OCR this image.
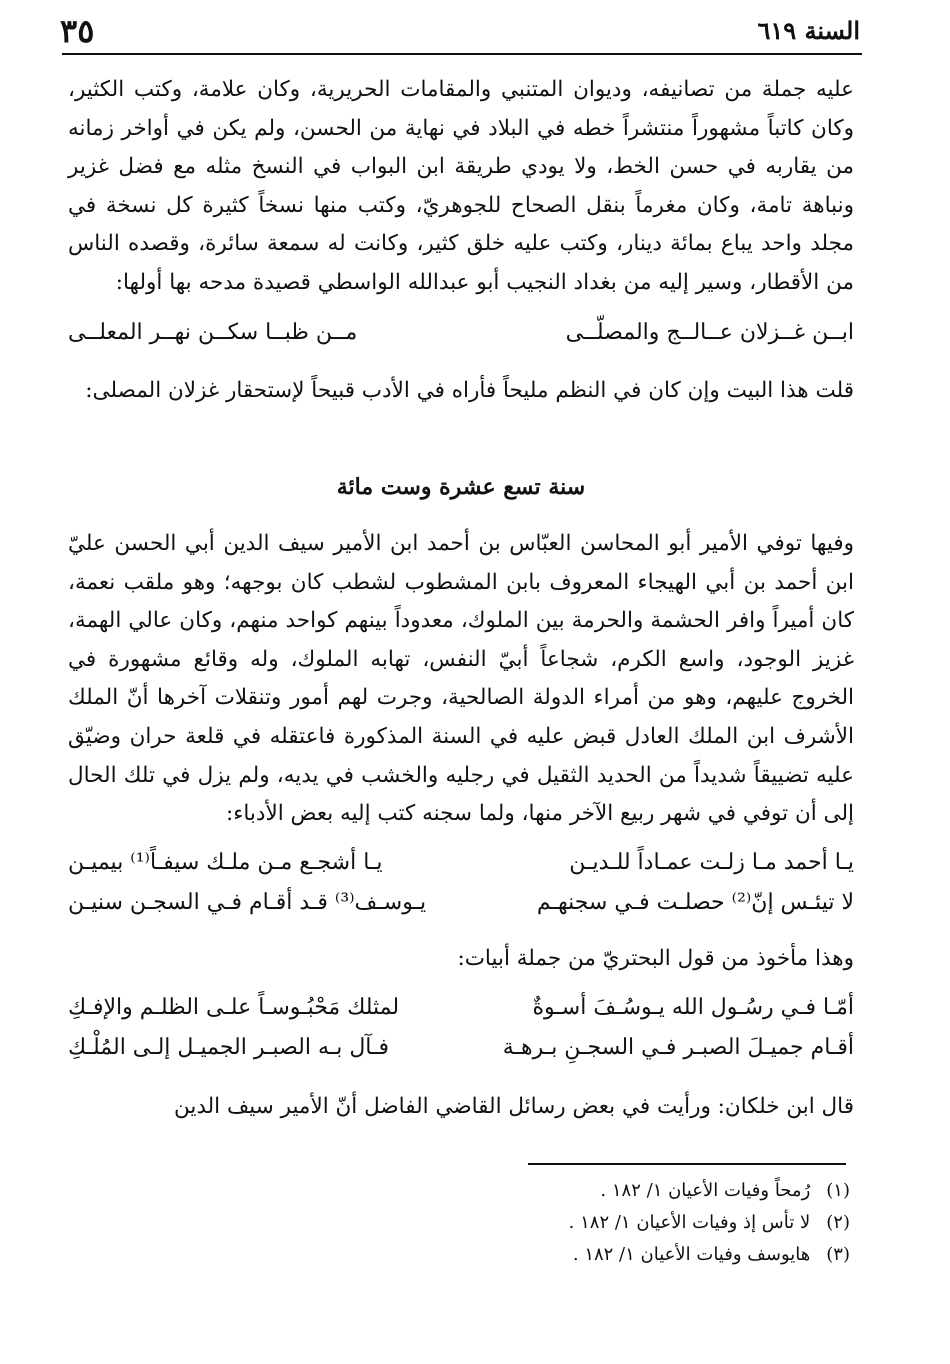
السنة ٦١٩
٣٥

عليه جملة من تصانيفه، وديوان المتنبي والمقامات الحريرية، وكان علامة، وكتب الكثير، وكان كاتباً مشهوراً منتشراً خطه في البلاد في نهاية من الحسن، ولم يكن في أواخر زمانه من يقاربه في حسن الخط، ولا يودي طريقة ابن البواب في النسخ مثله مع فضل غزير ونباهة تامة، وكان مغرماً بنقل الصحاح للجوهريّ، وكتب منها نسخاً كثيرة كل نسخة في مجلد واحد يباع بمائة دينار، وكتب عليه خلق كثير، وكانت له سمعة سائرة، وقصده الناس من الأقطار، وسير إليه من بغداد النجيب أبو عبدالله الواسطي قصيدة مدحه بها أولها:

ابــن غــزلان عــالــج والمصلّــى
مــن ظبــا سكــن نهــر المعلــى

قلت هذا البيت وإن كان في النظم مليحاً فأراه في الأدب قبيحاً لإستحقار غزلان المصلى:

سنة تسع عشرة وست مائة

وفيها توفي الأمير أبو المحاسن العبّاس بن أحمد ابن الأمير سيف الدين أبي الحسن عليّ ابن أحمد بن أبي الهيجاء المعروف بابن المشطوب لشطب كان بوجهه؛ وهو ملقب نعمة، كان أميراً وافر الحشمة والحرمة بين الملوك، معدوداً بينهم كواحد منهم، وكان عالي الهمة، غزيز الوجود، واسع الكرم، شجاعاً أبيّ النفس، تهابه الملوك، وله وقائع مشهورة في الخروج عليهم، وهو من أمراء الدولة الصالحية، وجرت لهم أمور وتنقلات آخرها أنّ الملك الأشرف ابن الملك العادل قبض عليه في السنة المذكورة فاعتقله في قلعة حران وضيّق عليه تضييقاً شديداً من الحديد الثقيل في رجليه والخشب في يديه، ولم يزل في تلك الحال إلى أن توفي في شهر ربيع الآخر منها، ولما سجنه كتب إليه بعض الأدباء:

يـا أحمد مـا زلـت عمـاداً للـديـن
يـا أشجـع مـن ملـك سيفـاً⁽¹⁾ بيميـن
لا تيئـس إنّ⁽²⁾ حصلـت فـي سجنهـم
يـوسـف⁽³⁾ قـد أقـام فـي السجـن سنيـن

وهذا مأخوذ من قول البحتريّ من جملة أبيات:

أمّـا فـي رسُـول الله يـوسُـفَ أسـوةٌ
لمثلك مَحْبُـوسـاً علـى الظلـم والإفـكِ
أقـام جميـلَ الصبـر فـي السجـنِ بـرهـة
فـآل بـه الصبـر الجميـل إلـى المُلْـكِ

قال ابن خلكان: ورأيت في بعض رسائل القاضي الفاضل أنّ الأمير سيف الدين

(١) رُمحاً وفيات الأعيان ١/ ١٨٢ .
(٢) لا تأس إذ وفيات الأعيان ١/ ١٨٢ .
(٣) هايوسف وفيات الأعيان ١/ ١٨٢ .
